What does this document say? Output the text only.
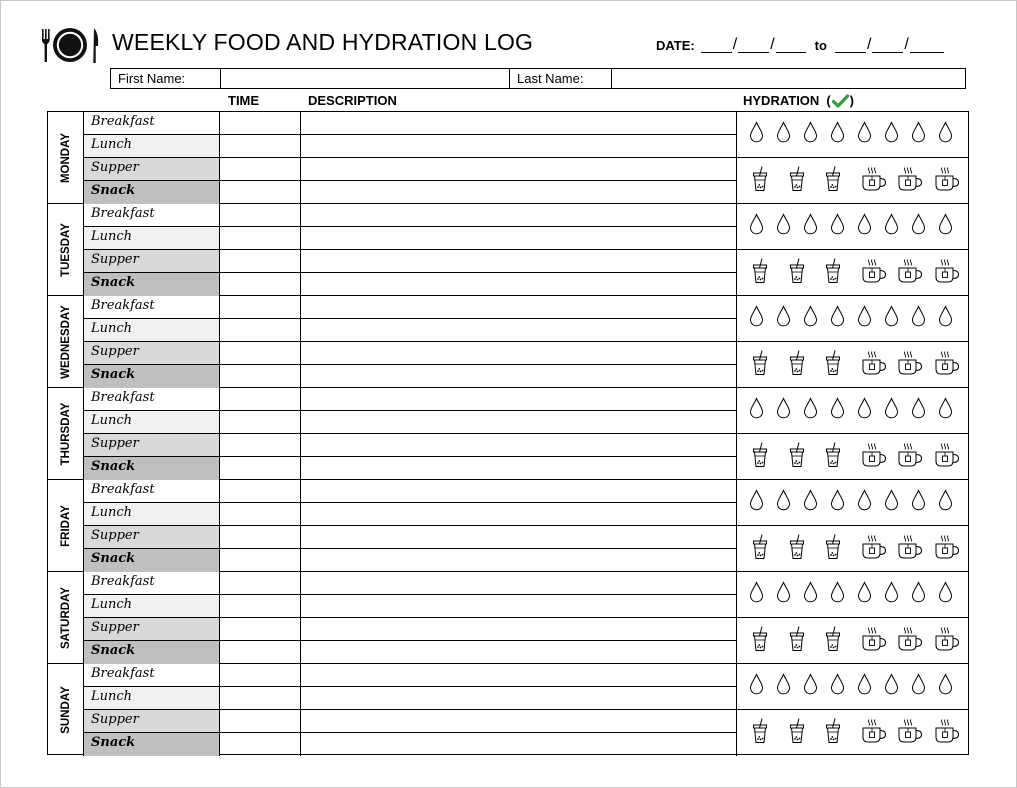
WEEKLY FOOD AND HYDRATION LOG	DATE: / /	to	/ /
First Name:	Last Name:
TIME	DESCRIPTION	HYDRATION ( )
MONDAY
Breakfast
Lunch
Supper
Snack
TUESDAY
Breakfast
Lunch
Supper
Snack
WEDNESDAY	Breakfast
Lunch
Supper
Snack
THURSDAY
Breakfast
Lunch
Supper
Snack
FRIDAY
Breakfast
Lunch
Supper
Snack
SATURDAY
Breakfast
Lunch
Supper
Snack
SUNDAY
Breakfast
Lunch
Supper
Snack
